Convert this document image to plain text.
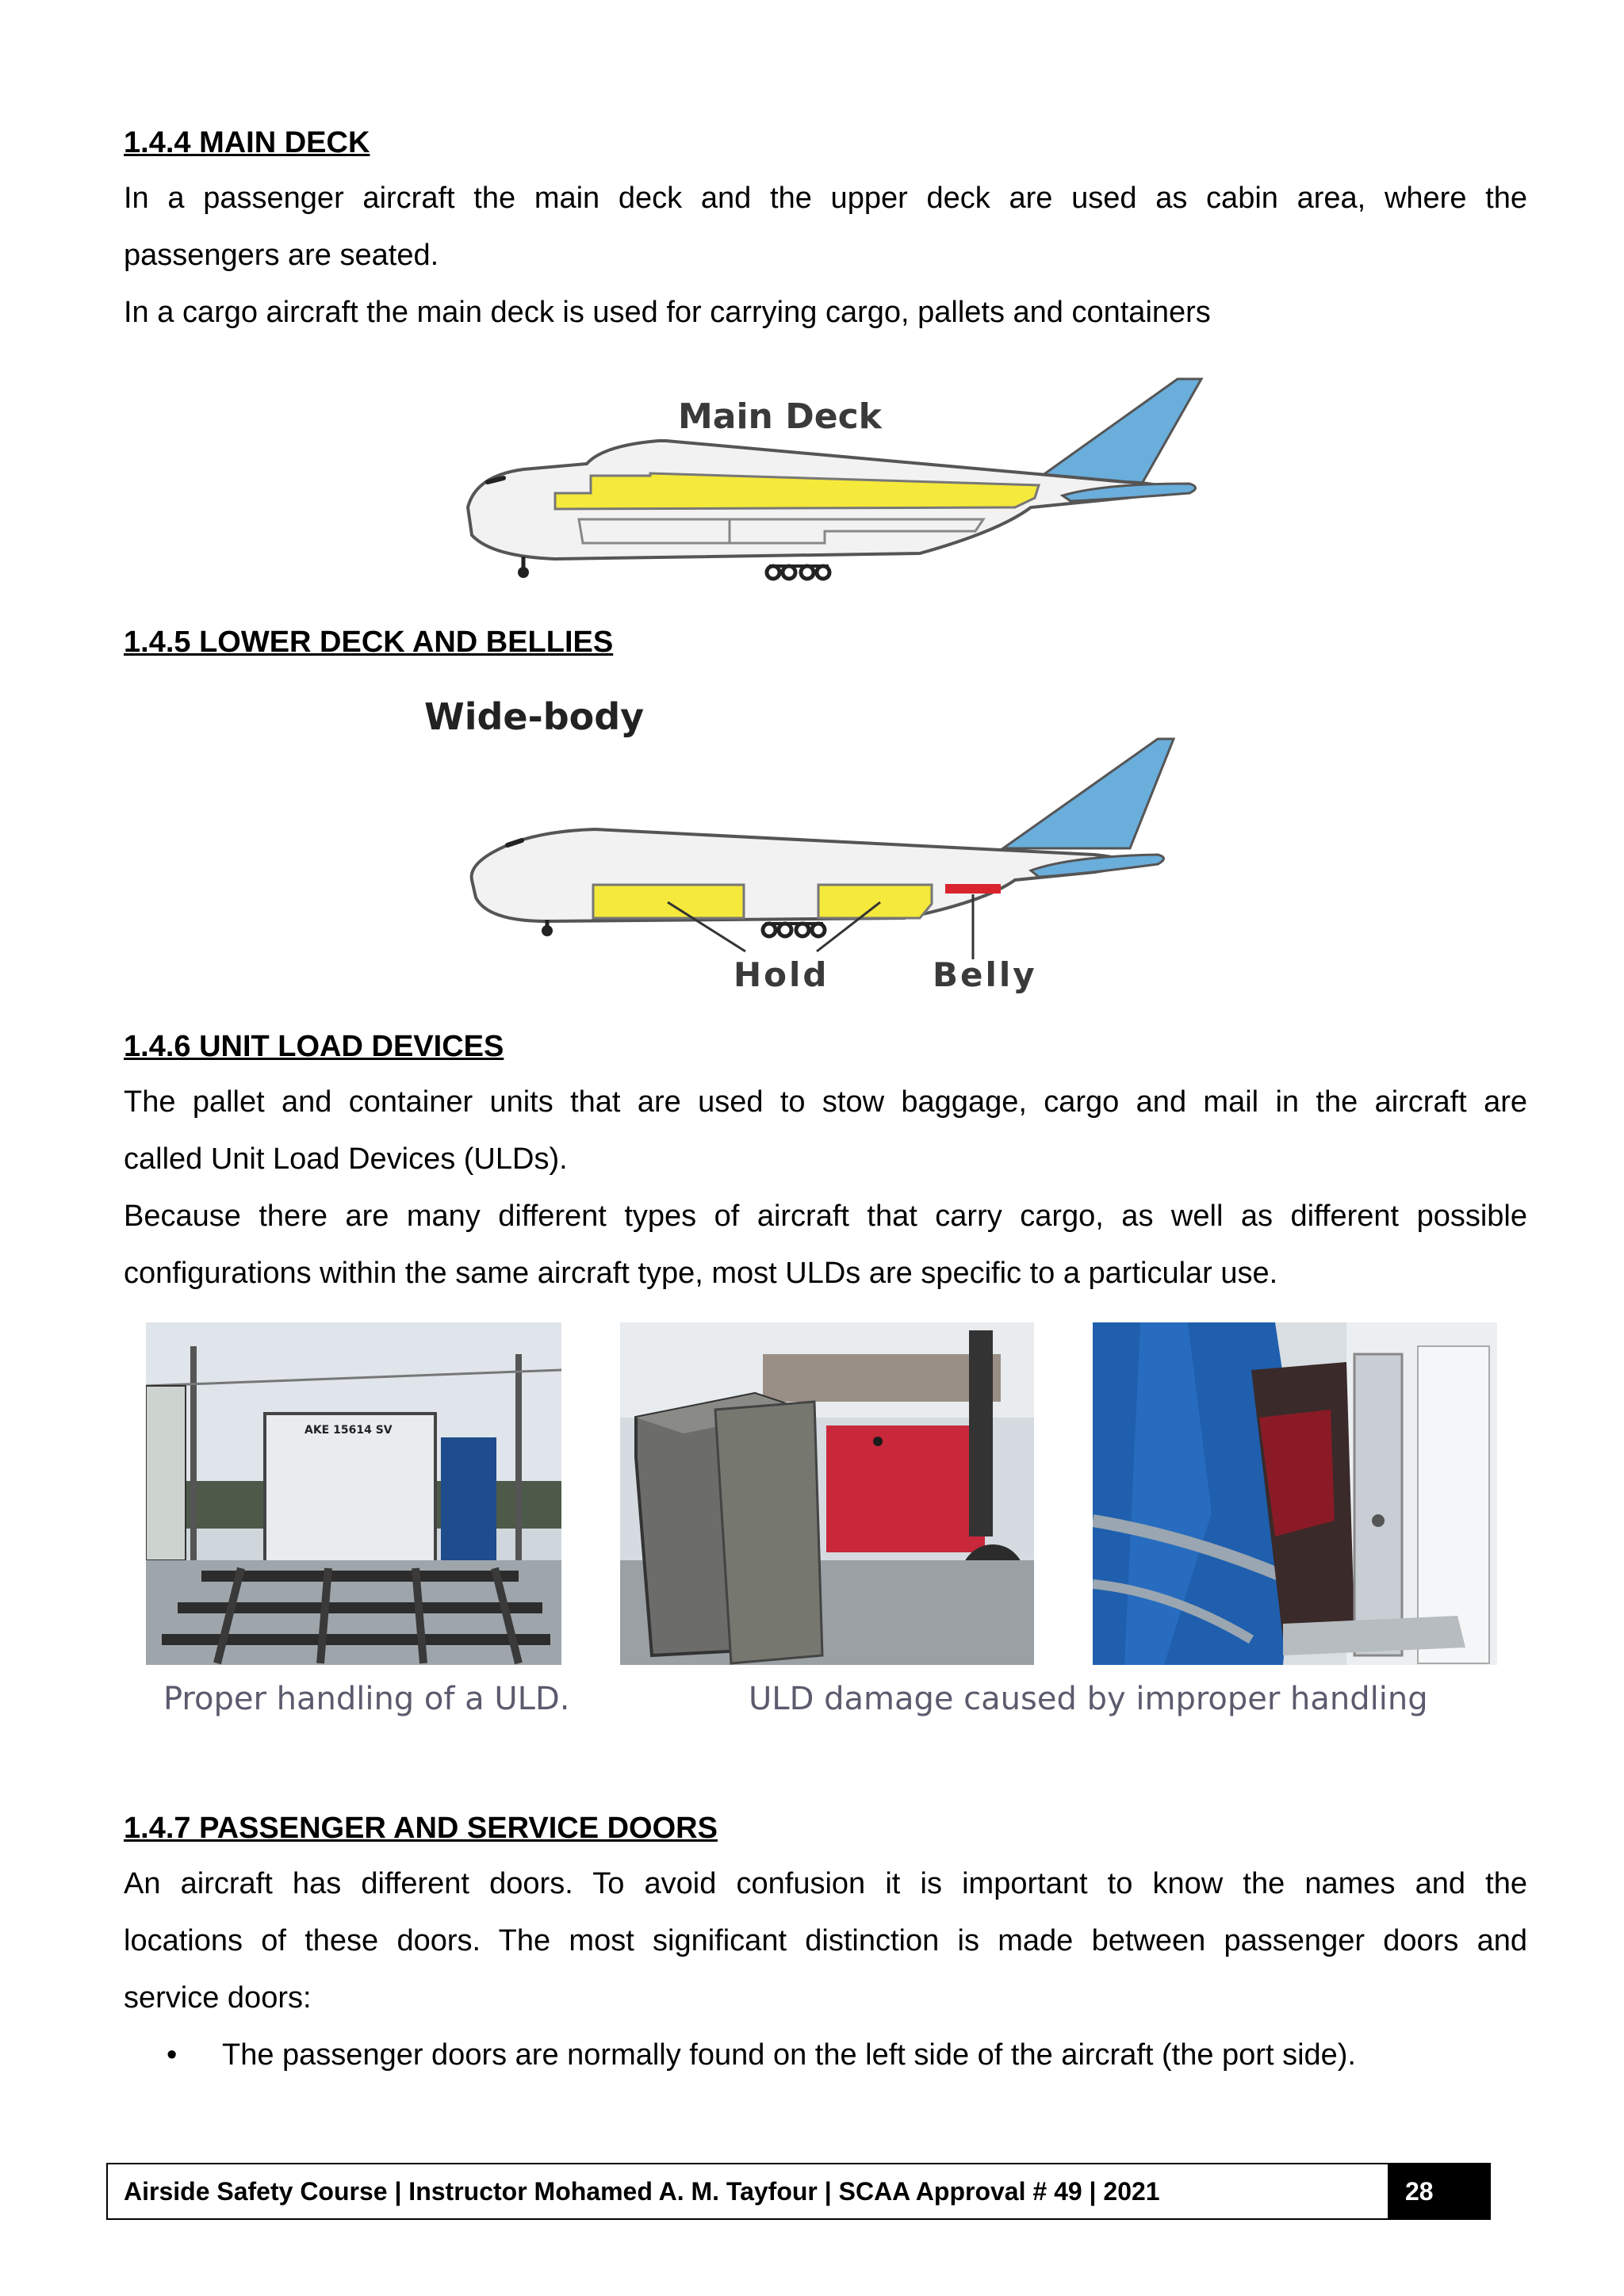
1.4.4 MAIN DECK

In a passenger aircraft the main deck and the upper deck are used as cabin area, where the

passengers are seated.

In a cargo aircraft the main deck is used for carrying cargo, pallets and containers

Main Deck
1.4.5 LOWER DECK AND BELLIES
Wide-body
Hold	Belly
1.4.6 UNIT LOAD DEVICES

The pallet and container units that are used to stow baggage, cargo and mail in the aircraft are

called Unit Load Devices (ULDs).

Because there are many different types of aircraft that carry cargo, as well as different possible

configurations within the same aircraft type, most ULDs are specific to a particular use.

AKE 15614 SV
Proper handling of a ULD.	ULD damage caused by improper handling
1.4.7 PASSENGER AND SERVICE DOORS

An aircraft has different doors. To avoid confusion it is important to know the names and the

locations of these doors. The most significant distinction is made between passenger doors and

service doors:

• The passenger doors are normally found on the left side of the aircraft (the port side).
Airside Safety Course | Instructor Mohamed A. M. Tayfour | SCAA Approval # 49 | 2021	28
